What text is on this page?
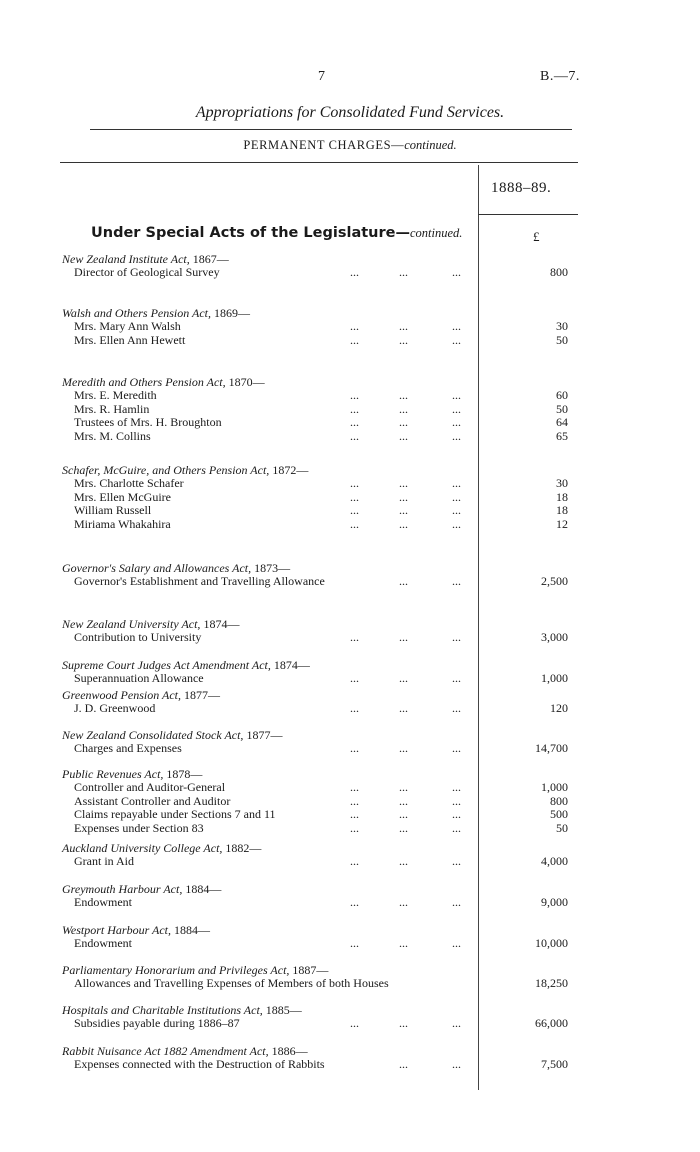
7	B.—7.
Appropriations for Consolidated Fund Services.
PERMANENT CHARGES—continued.
1888–89.
Under Special Acts of the Legislature—continued.	£
New Zealand Institute Act, 1867—
Director of Geological Survey	...	...	...	800
Walsh and Others Pension Act, 1869—
Mrs. Mary Ann Walsh	...	...	...	30
Mrs. Ellen Ann Hewett	...	...	...	50
Meredith and Others Pension Act, 1870—
Mrs. E. Meredith	...	...	...	60
Mrs. R. Hamlin	...	...	...	50
Trustees of Mrs. H. Broughton	...	...	...	64
Mrs. M. Collins	...	...	...	65
Schafer, McGuire, and Others Pension Act, 1872—
Mrs. Charlotte Schafer	...	...	...	30
Mrs. Ellen McGuire	...	...	...	18
William Russell	...	...	...	18
Miriama Whakahira	...	...	...	12
Governor's Salary and Allowances Act, 1873—
Governor's Establishment and Travelling Allowance	...	...	2,500
New Zealand University Act, 1874—
Contribution to University	...	...	...	3,000
Supreme Court Judges Act Amendment Act, 1874—
Superannuation Allowance	...	...	...	1,000
Greenwood Pension Act, 1877—
J. D. Greenwood	...	...	...	120
New Zealand Consolidated Stock Act, 1877—
Charges and Expenses	...	...	...	14,700
Public Revenues Act, 1878—
Controller and Auditor-General	...	...	...	1,000
Assistant Controller and Auditor	...	...	...	800
Claims repayable under Sections 7 and 11	...	...	...	500
Expenses under Section 83	...	...	...	50
Auckland University College Act, 1882—
Grant in Aid	...	...	...	4,000
Greymouth Harbour Act, 1884—
Endowment	...	...	...	9,000
Westport Harbour Act, 1884—
Endowment	...	...	...	10,000
Parliamentary Honorarium and Privileges Act, 1887—
Allowances and Travelling Expenses of Members of both Houses	18,250
Hospitals and Charitable Institutions Act, 1885—
Subsidies payable during 1886–87	...	...	...	66,000
Rabbit Nuisance Act 1882 Amendment Act, 1886—
Expenses connected with the Destruction of Rabbits	...	...	7,500
